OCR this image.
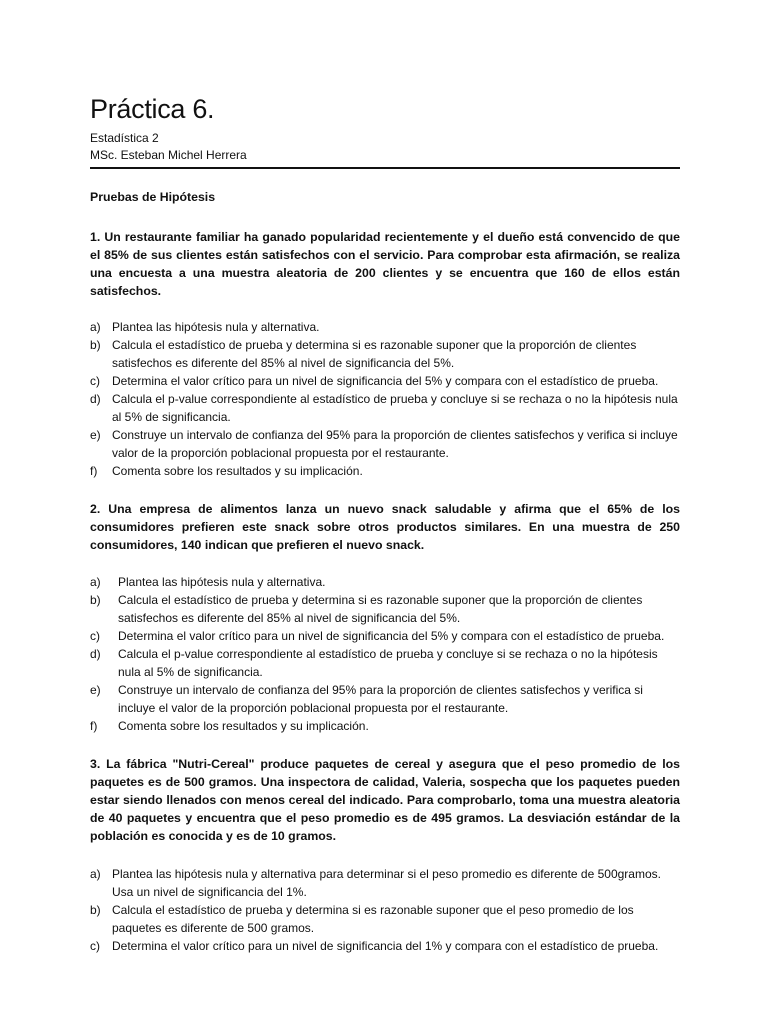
Práctica 6.

Estadística 2

MSc. Esteban Michel Herrera

Pruebas de Hipótesis

1. Un restaurante familiar ha ganado popularidad recientemente y el dueño está convencido de que el 85% de sus clientes están satisfechos con el servicio. Para comprobar esta afirmación, se realiza una encuesta a una muestra aleatoria de 200 clientes y se encuentra que 160 de ellos están satisfechos.

a) Plantea las hipótesis nula y alternativa.
b) Calcula el estadístico de prueba y determina si es razonable suponer que la proporción de clientes satisfechos es diferente del 85% al nivel de significancia del 5%.
c)	Determina el valor crítico para un nivel de significancia del 5% y compara con el estadístico de prueba.
d) Calcula el p-value correspondiente al estadístico de prueba y concluye si se rechaza o no la hipótesis nula al 5% de significancia.
e) Construye un intervalo de confianza del 95% para la proporción de clientes satisfechos y verifica si incluye valor de la proporción poblacional propuesta por el restaurante.
f)	Comenta sobre los resultados y su implicación.

2. Una empresa de alimentos lanza un nuevo snack saludable y afirma que el 65% de los consumidores prefieren este snack sobre otros productos similares. En una muestra de 250 consumidores, 140 indican que prefieren el nuevo snack.

a)	Plantea las hipótesis nula y alternativa.
b)	Calcula el estadístico de prueba y determina si es razonable suponer que la proporción de clientes satisfechos es diferente del 85% al nivel de significancia del 5%.
c)	Determina el valor crítico para un nivel de significancia del 5% y compara con el estadístico de prueba.
d)	Calcula el p-value correspondiente al estadístico de prueba y concluye si se rechaza o no la hipótesis nula al 5% de significancia.
e)	Construye un intervalo de confianza del 95% para la proporción de clientes satisfechos y verifica si incluye el valor de la proporción poblacional propuesta por el restaurante.
f)	Comenta sobre los resultados y su implicación.

3. La fábrica "Nutri-Cereal" produce paquetes de cereal y asegura que el peso promedio de los paquetes es de 500 gramos. Una inspectora de calidad, Valeria, sospecha que los paquetes pueden estar siendo llenados con menos cereal del indicado. Para comprobarlo, toma una muestra aleatoria de 40 paquetes y encuentra que el peso promedio es de 495 gramos. La desviación estándar de la población es conocida y es de 10 gramos.

a) Plantea las hipótesis nula y alternativa para determinar si el peso promedio es diferente de 500gramos. Usa un nivel de significancia del 1%.
b) Calcula el estadístico de prueba y determina si es razonable suponer que el peso promedio de los paquetes es diferente de 500 gramos.
c)	Determina el valor crítico para un nivel de significancia del 1% y compara con el estadístico de prueba.
